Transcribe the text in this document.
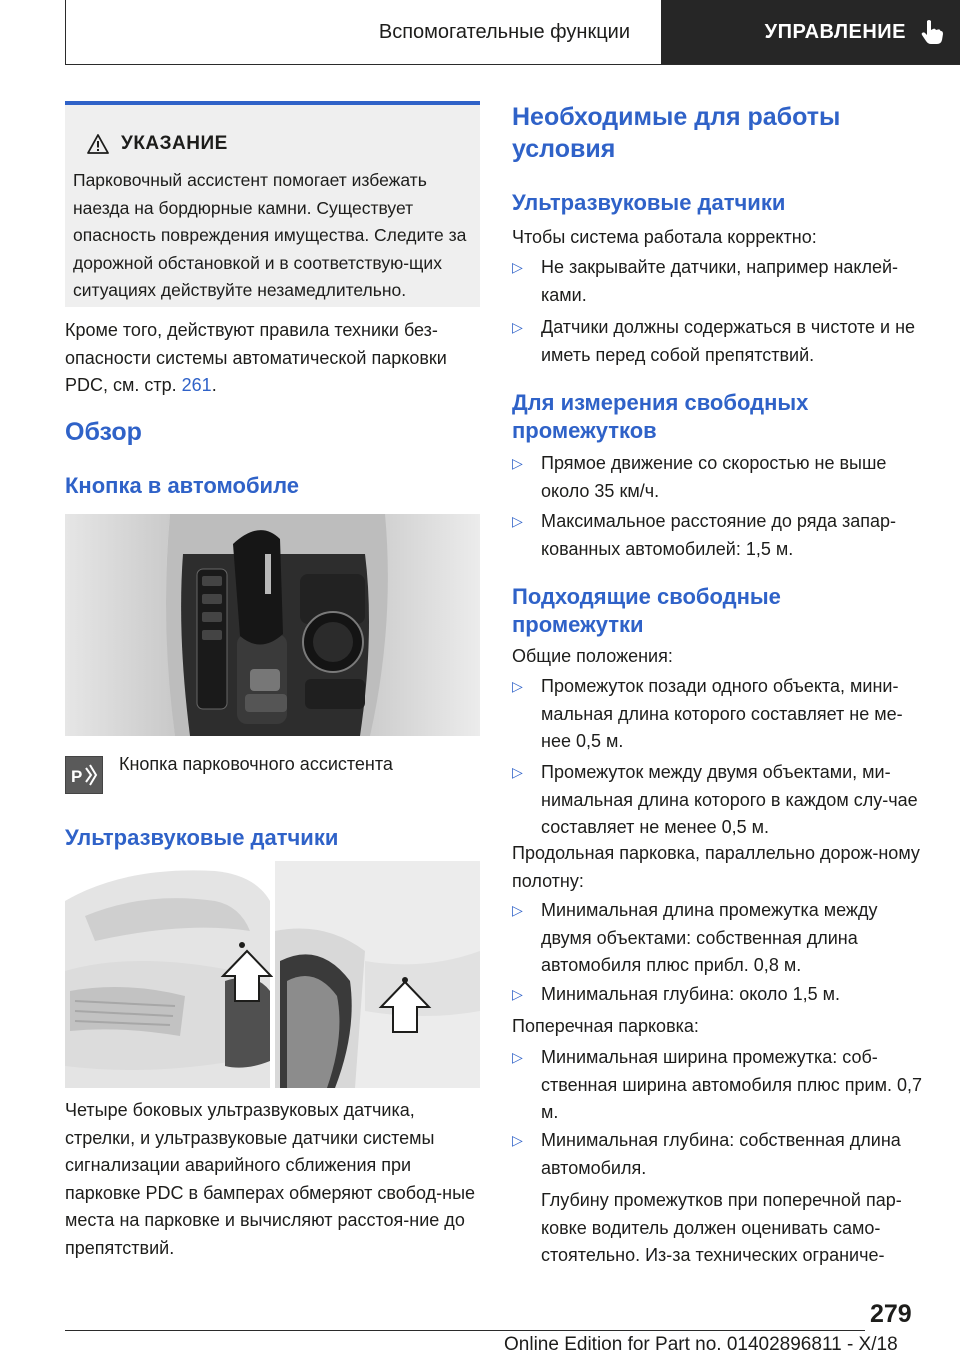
Вспомогательные функции	УПРАВЛЕНИЕ
УКАЗАНИЕ
Парковочный ассистент помогает избежать наезда на бордюрные камни. Существует опасность повреждения имущества. Следите за дорожной обстановкой и в соответствую-щих ситуациях действуйте незамедлительно.
Кроме того, действуют правила техники без-опасности системы автоматической парковки PDC, см. стр. 261.
Обзор
Кнопка в автомобиле
P
Кнопка парковочного ассистента
Ультразвуковые датчики
Четыре боковых ультразвуковых датчика, стрелки, и ультразвуковые датчики системы сигнализации аварийного сближения при парковке PDC в бамперах обмеряют свобод-ные места на парковке и вычисляют расстоя-ние до препятствий.
Необходимые для работы условия
Ультразвуковые датчики
Чтобы система работала корректно:
▷ Не закрывайте датчики, например наклей-ками.
▷ Датчики должны содержаться в чистоте и не иметь перед собой препятствий.
Для измерения свободных промежутков
▷ Прямое движение со скоростью не выше около 35 км/ч.
▷ Максимальное расстояние до ряда запар-кованных автомобилей: 1,5 м.
Подходящие свободные промежутки
Общие положения:
▷ Промежуток позади одного объекта, мини-мальная длина которого составляет не ме-нее 0,5 м.
▷ Промежуток между двумя объектами, ми-нимальная длина которого в каждом слу-чае составляет не менее 0,5 м.
Продольная парковка, параллельно дорож-ному полотну:
▷ Минимальная длина промежутка между двумя объектами: собственная длина автомобиля плюс прибл. 0,8 м.
▷ Минимальная глубина: около 1,5 м.
Поперечная парковка:
▷ Минимальная ширина промежутка: соб-ственная ширина автомобиля плюс прим. 0,7 м.
▷ Минимальная глубина: собственная длина автомобиля.
Глубину промежутков при поперечной пар-ковке водитель должен оценивать само-стоятельно. Из-за технических ограниче-
279
Online Edition for Part no. 01402896811 - X/18
